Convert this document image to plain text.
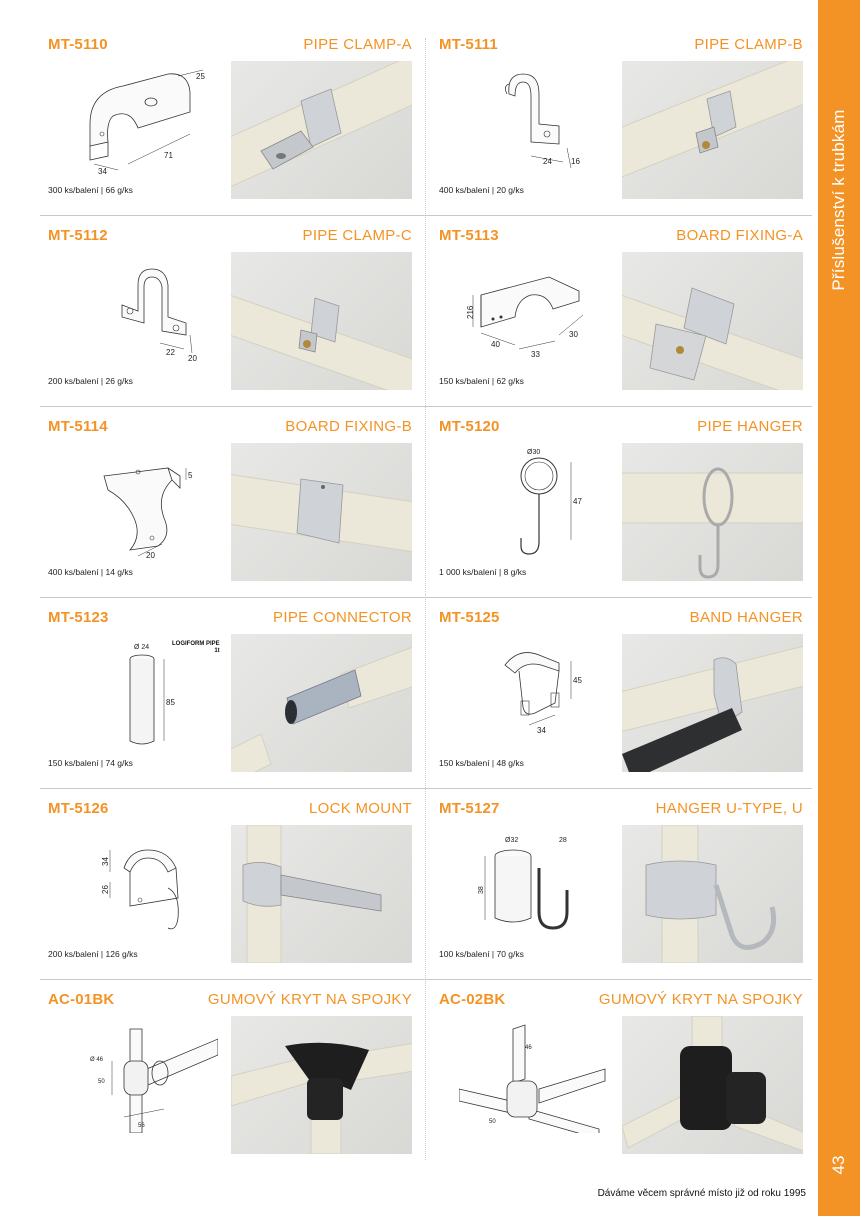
Příslušenství k trubkám
43
MT-5110	PIPE CLAMP-A
25
34
71
300 ks/balení | 66 g/ks
MT-5111	PIPE CLAMP-B
24 16
400 ks/balení | 20 g/ks
MT-5112	PIPE CLAMP-C
22
20
200 ks/balení | 26 g/ks
MT-5113	BOARD FIXING-A
216
40
33
30
150 ks/balení | 62 g/ks
MT-5114	BOARD FIXING-B
5
20
400 ks/balení | 14 g/ks
MT-5120	PIPE HANGER
Ø30
47
1 000 ks/balení | 8 g/ks
MT-5123	PIPE CONNECTOR
LOGIFORM PIPE
1t
Ø 24
85
150 ks/balení | 74 g/ks
MT-5125	BAND HANGER
45
34
150 ks/balení | 48 g/ks
MT-5126	LOCK MOUNT
34
26
200 ks/balení | 126 g/ks
MT-5127	HANGER U-TYPE, U
Ø32	28
38
100 ks/balení | 70 g/ks
AC-01BK	GUMOVÝ KRYT NA SPOJKY
Ø 46
50
56
AC-02BK	GUMOVÝ KRYT NA SPOJKY
46
50
Dáváme věcem správné místo již od roku 1995
